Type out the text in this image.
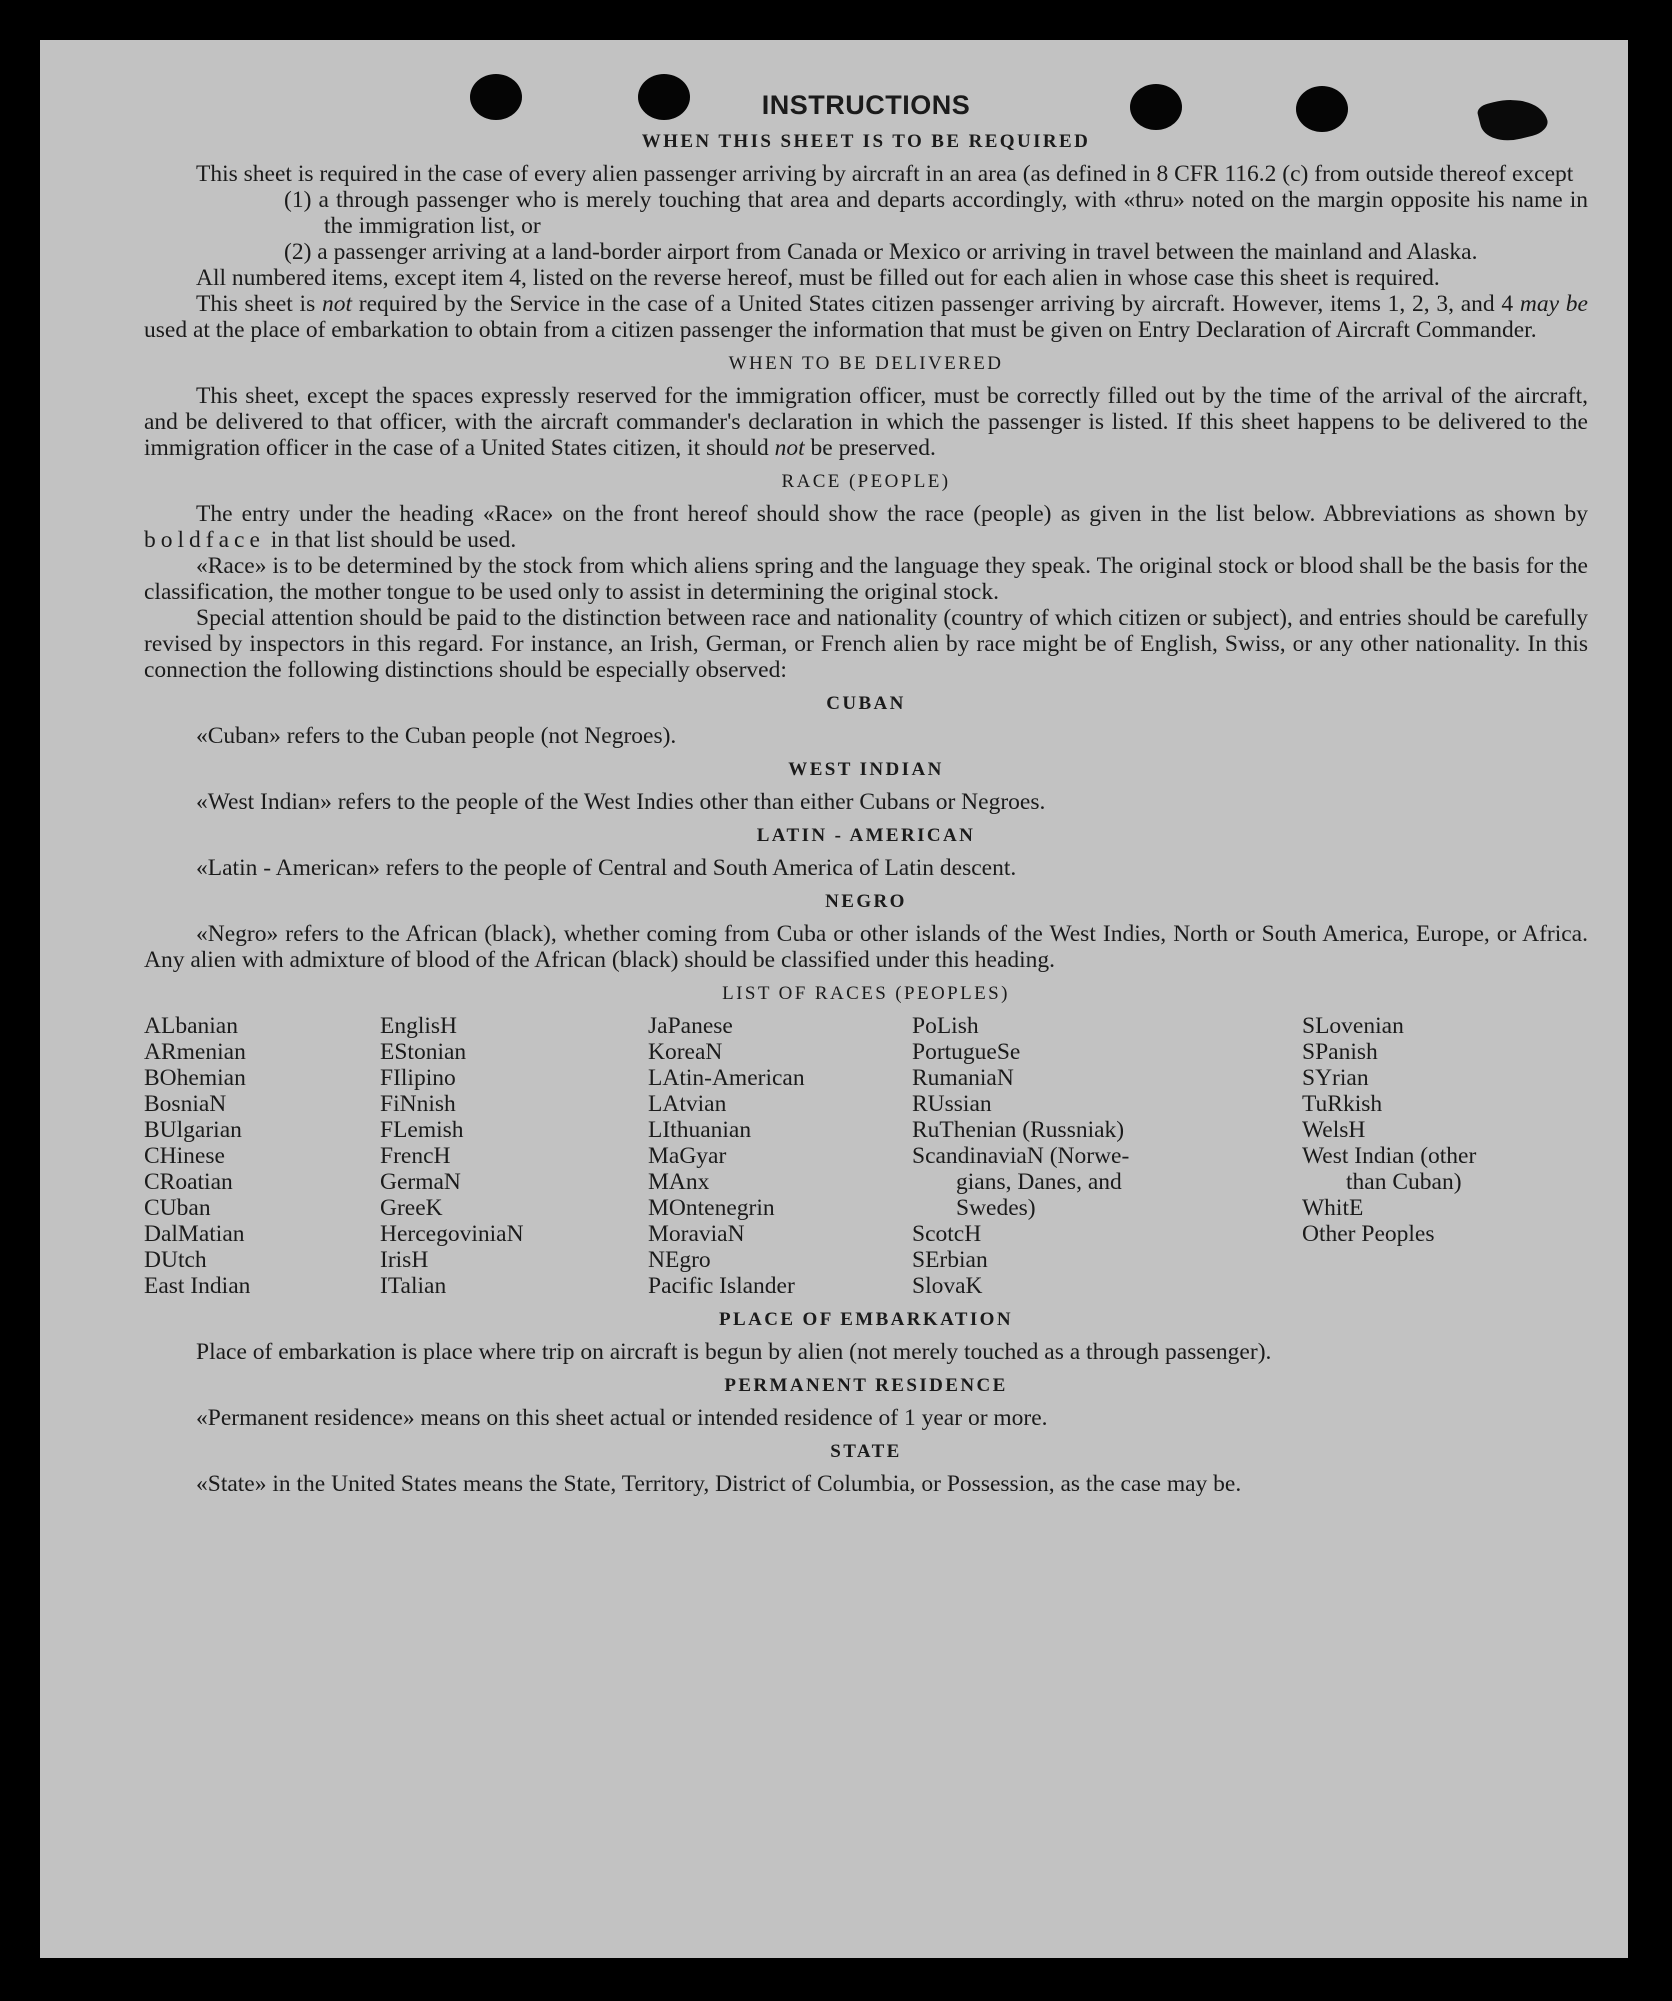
INSTRUCTIONS
WHEN THIS SHEET IS TO BE REQUIRED

This sheet is required in the case of every alien passenger arriving by aircraft in an area (as defined in 8 CFR 116.2 (c) from outside thereof except

(1) a through passenger who is merely touching that area and departs accordingly, with «thru» noted on the margin opposite his name in the immigration list, or

(2) a passenger arriving at a land-border airport from Canada or Mexico or arriving in travel between the mainland and Alaska.

All numbered items, except item 4, listed on the reverse hereof, must be filled out for each alien in whose case this sheet is required.

This sheet is not required by the Service in the case of a United States citizen passenger arriving by aircraft. However, items 1, 2, 3, and 4 may be used at the place of embarkation to obtain from a citizen passenger the information that must be given on Entry Declaration of Aircraft Commander.

WHEN TO BE DELIVERED

This sheet, except the spaces expressly reserved for the immigration officer, must be correctly filled out by the time of the arrival of the aircraft, and be delivered to that officer, with the aircraft commander's declaration in which the passenger is listed. If this sheet happens to be delivered to the immigration officer in the case of a United States citizen, it should not be preserved.

RACE (PEOPLE)

The entry under the heading «Race» on the front hereof should show the race (people) as given in the list below. Abbreviations as shown by boldface in that list should be used.

«Race» is to be determined by the stock from which aliens spring and the language they speak. The original stock or blood shall be the basis for the classification, the mother tongue to be used only to assist in determining the original stock.

Special attention should be paid to the distinction between race and nationality (country of which citizen or subject), and entries should be carefully revised by inspectors in this regard. For instance, an Irish, German, or French alien by race might be of English, Swiss, or any other nationality. In this connection the following distinctions should be especially observed:

CUBAN

«Cuban» refers to the Cuban people (not Negroes).

WEST INDIAN

«West Indian» refers to the people of the West Indies other than either Cubans or Negroes.

LATIN - AMERICAN

«Latin - American» refers to the people of Central and South America of Latin descent.

NEGRO

«Negro» refers to the African (black), whether coming from Cuba or other islands of the West Indies, North or South America, Europe, or Africa. Any alien with admixture of blood of the African (black) should be classified under this heading.

LIST OF RACES (PEOPLES)
ALbanian
ARmenian
BOhemian
BosniaN
BUlgarian
CHinese
CRoatian
CUban
DalMatian
DUtch
East Indian
EnglisH
EStonian
FIlipino
FiNnish
FLemish
FrencH
GermaN
GreeK
HercegoviniaN
IrisH
ITalian
JaPanese
KoreaN
LAtin-American
LAtvian
LIthuanian
MaGyar
MAnx
MOntenegrin
MoraviaN
NEgro
Pacific Islander
PoLish
PortugueSe
RumaniaN
RUssian
RuThenian (Russniak)
ScandinaviaN (Norwe-
gians, Danes, and
Swedes)
ScotcH
SErbian
SlovaK
SLovenian
SPanish
SYrian
TuRkish
WelsH
West Indian (other
than Cuban)
WhitE
Other Peoples
PLACE OF EMBARKATION

Place of embarkation is place where trip on aircraft is begun by alien (not merely touched as a through passenger).

PERMANENT RESIDENCE

«Permanent residence» means on this sheet actual or intended residence of 1 year or more.

STATE

«State» in the United States means the State, Territory, District of Columbia, or Possession, as the case may be.
